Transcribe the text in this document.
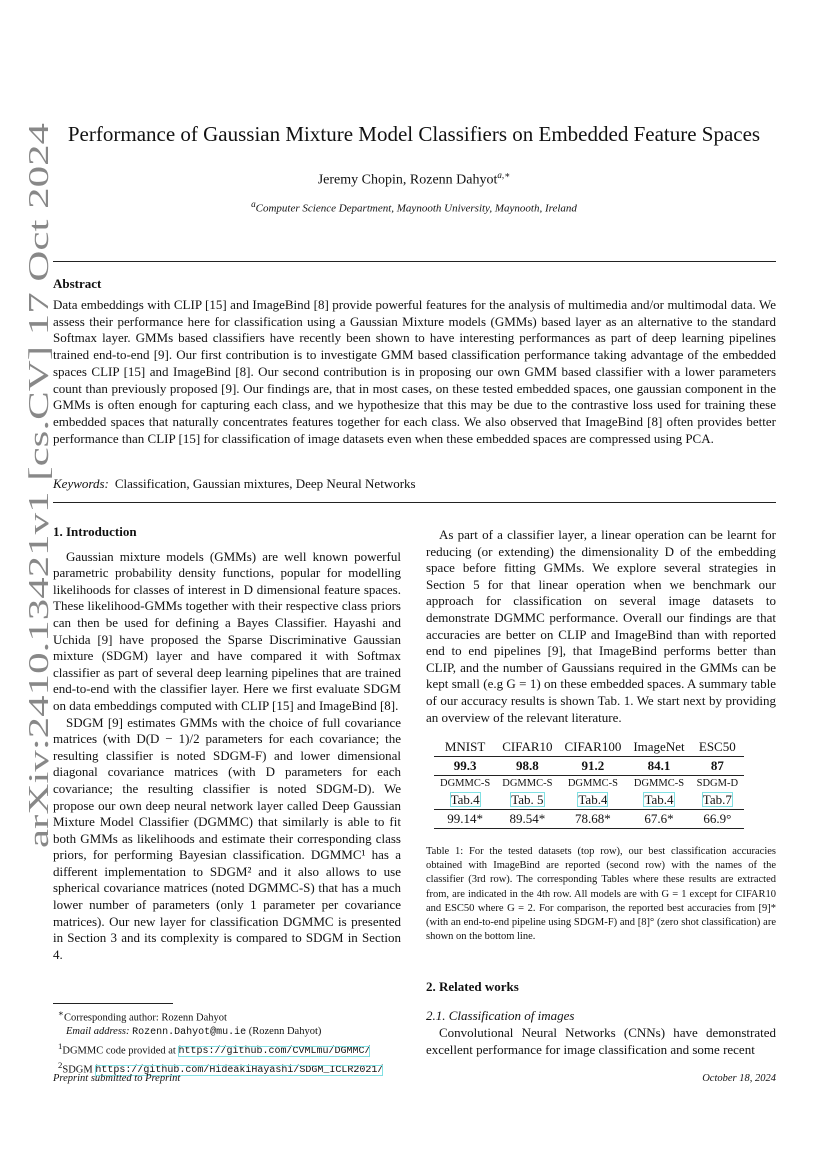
Performance of Gaussian Mixture Model Classifiers on Embedded Feature Spaces
Jeremy Chopin, Rozenn Dahyot$^{a,∗}$
$^a$Computer Science Department, Maynooth University, Maynooth, Ireland
arXiv:2410.13421v1 [cs.CV] 17 Oct 2024
Abstract
Data embeddings with CLIP [15] and ImageBind [8] provide powerful features for the analysis of multimedia and/or multimodal data. We assess their performance here for classification using a Gaussian Mixture models (GMMs) based layer as an alternative to the standard Softmax layer. GMMs based classifiers have recently been shown to have interesting performances as part of deep learning pipelines trained end-to-end [9]. Our first contribution is to investigate GMM based classification performance taking advantage of the embedded spaces CLIP [15] and ImageBind [8]. Our second contribution is in proposing our own GMM based classifier with a lower parameters count than previously proposed [9]. Our findings are, that in most cases, on these tested embedded spaces, one gaussian component in the GMMs is often enough for capturing each class, and we hypothesize that this may be due to the contrastive loss used for training these embedded spaces that naturally concentrates features together for each class. We also observed that ImageBind [8] often provides better performance than CLIP [15] for classification of image datasets even when these embedded spaces are compressed using PCA.
Keywords: Classification, Gaussian mixtures, Deep Neural Networks
1. Introduction

Gaussian mixture models (GMMs) are well known powerful parametric probability density functions, popular for modelling likelihoods for classes of interest in D dimensional feature spaces. These likelihood-GMMs together with their respective class priors can then be used for defining a Bayes Classifier. Hayashi and Uchida [9] have proposed the Sparse Discriminative Gaussian mixture (SDGM) layer and have compared it with Softmax classifier as part of several deep learning pipelines that are trained end-to-end with the classifier layer. Here we first evaluate SDGM on data embeddings computed with CLIP [15] and ImageBind [8].

SDGM [9] estimates GMMs with the choice of full covariance matrices (with D(D − 1)/2 parameters for each covariance; the resulting classifier is noted SDGM-F) and lower dimensional diagonal covariance matrices (with D parameters for each covariance; the resulting classifier is noted SDGM-D). We propose our own deep neural network layer called Deep Gaussian Mixture Model Classifier (DGMMC) that similarly is able to fit both GMMs as likelihoods and estimate their corresponding class priors, for performing Bayesian classification. DGMMC¹ has a different implementation to SDGM² and it also allows to use spherical covariance matrices (noted DGMMC-S) that has a much lower number of parameters (only 1 parameter per covariance matrices). Our new layer for classification DGMMC is presented in Section 3 and its complexity is compared to SDGM in Section 4.

∗Corresponding author: Rozenn Dahyot
Email address: Rozenn.Dahyot@mu.ie (Rozenn Dahyot)
$^1$DGMMC code provided at https://github.com/CVMLmu/DGMMC/
$^2$SDGM https://github.com/HideakiHayashi/SDGM_ICLR2021/

As part of a classifier layer, a linear operation can be learnt for reducing (or extending) the dimensionality D of the embedding space before fitting GMMs. We explore several strategies in Section 5 for that linear operation when we benchmark our approach for classification on several image datasets to demonstrate DGMMC performance. Overall our findings are that accuracies are better on CLIP and ImageBind than with reported end to end pipelines [9], that ImageBind performs better than CLIP, and the number of Gaussians required in the GMMs can be kept small (e.g G = 1) on these embedded spaces. A summary table of our accuracy results is shown Tab. 1. We start next by providing an overview of the relevant literature.

MNIST	CIFAR10	CIFAR100	ImageNet	ESC50
99.3	98.8	91.2	84.1	87
DGMMC-S	DGMMC-S	DGMMC-S	DGMMC-S	SDGM-D
Tab.4	Tab. 5	Tab.4	Tab.4	Tab.7
99.14*	89.54*	78.68*	67.6*	66.9°
Table 1: For the tested datasets (top row), our best classification accuracies obtained with ImageBind are reported (second row) with the names of the classifier (3rd row). The corresponding Tables where these results are extracted from, are indicated in the 4th row. All models are with G = 1 except for CIFAR10 and ESC50 where G = 2. For comparison, the reported best accuracies from [9]* (with an end-to-end pipeline using SDGM-F) and [8]° (zero shot classification) are shown on the bottom line.
2. Related works
2.1. Classification of images

Convolutional Neural Networks (CNNs) have demonstrated excellent performance for image classification and some recent

Preprint submitted to Preprint	October 18, 2024
